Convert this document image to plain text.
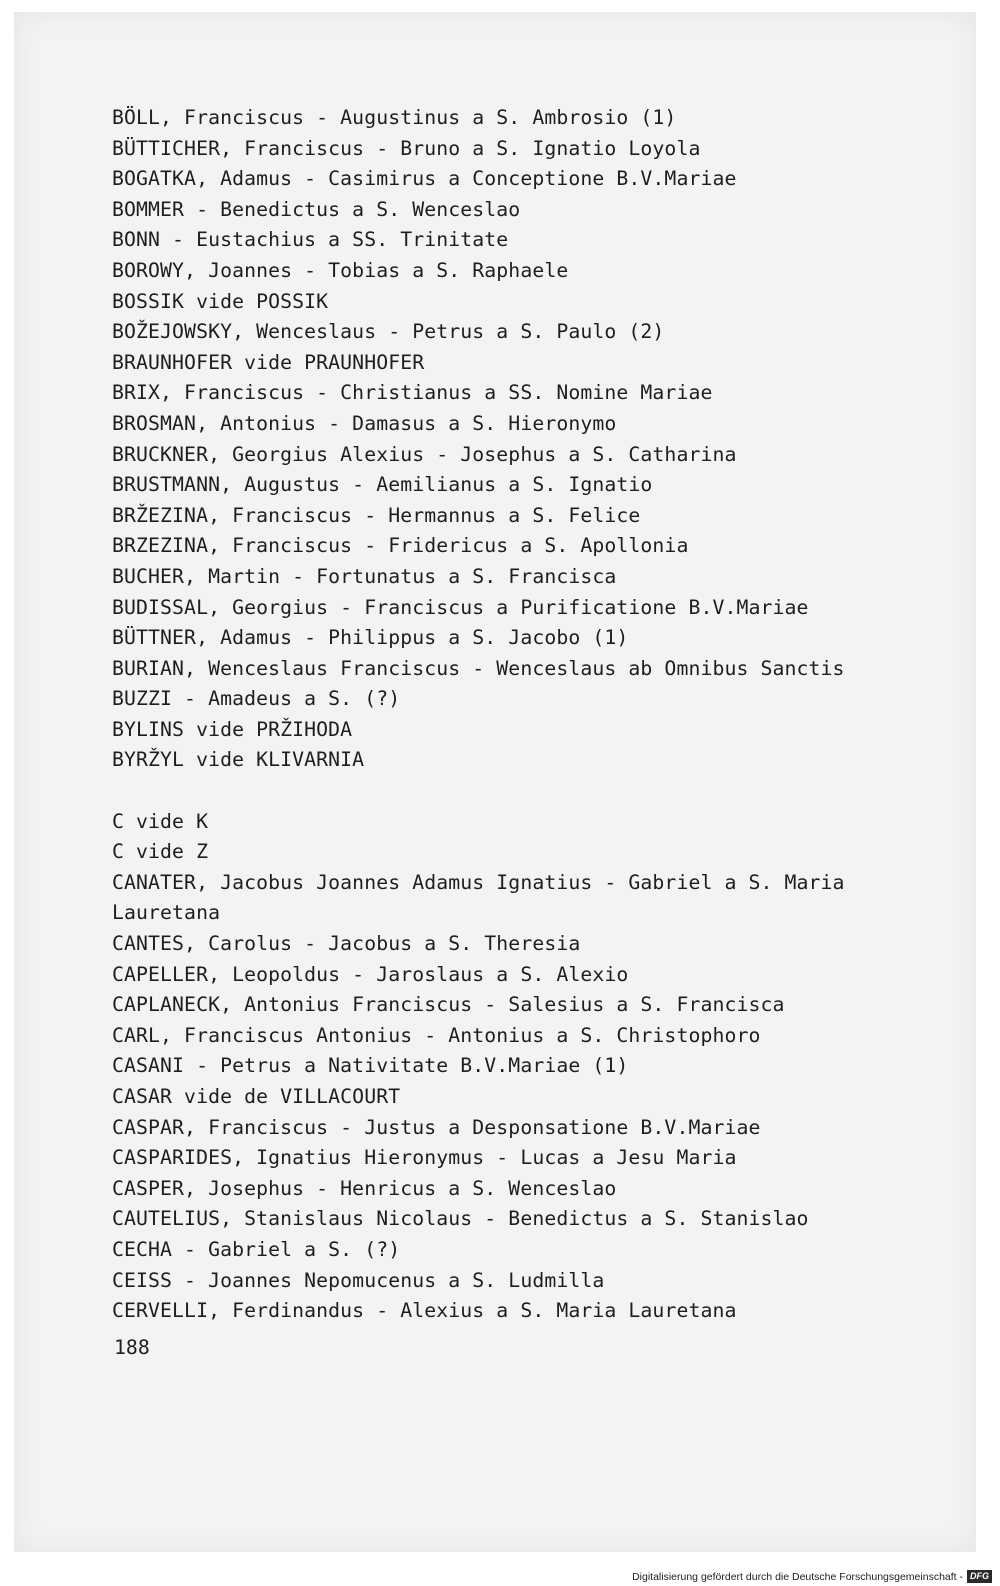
BÖLL, Franciscus - Augustinus a S. Ambrosio (1)
BÜTTICHER, Franciscus - Bruno a S. Ignatio Loyola
BOGATKA, Adamus - Casimirus a Conceptione B.V.Mariae
BOMMER - Benedictus a S. Wenceslao
BONN - Eustachius a SS. Trinitate
BOROWY, Joannes - Tobias a S. Raphaele
BOSSIK vide POSSIK
BOŽEJOWSKY, Wenceslaus - Petrus a S. Paulo (2)
BRAUNHOFER vide PRAUNHOFER
BRIX, Franciscus - Christianus a SS. Nomine Mariae
BROSMAN, Antonius - Damasus a S. Hieronymo
BRUCKNER, Georgius Alexius - Josephus a S. Catharina
BRUSTMANN, Augustus - Aemilianus a S. Ignatio
BRŽEZINA, Franciscus - Hermannus a S. Felice
BRZEZINA, Franciscus - Fridericus a S. Apollonia
BUCHER, Martin - Fortunatus a S. Francisca
BUDISSAL, Georgius - Franciscus a Purificatione B.V.Mariae
BÜTTNER, Adamus - Philippus a S. Jacobo (1)
BURIAN, Wenceslaus Franciscus - Wenceslaus ab Omnibus Sanctis
BUZZI - Amadeus a S. (?)
BYLINS vide PRŽIHODA
BYRŽYL vide KLIVARNIA
C vide K
C vide Z
CANATER, Jacobus Joannes Adamus Ignatius - Gabriel a S. Maria
Lauretana
CANTES, Carolus - Jacobus a S. Theresia
CAPELLER, Leopoldus - Jaroslaus a S. Alexio
CAPLANECK, Antonius Franciscus - Salesius a S. Francisca
CARL, Franciscus Antonius - Antonius a S. Christophoro
CASANI - Petrus a Nativitate B.V.Mariae (1)
CASAR vide de VILLACOURT
CASPAR, Franciscus - Justus a Desponsatione B.V.Mariae
CASPARIDES, Ignatius Hieronymus - Lucas a Jesu Maria
CASPER, Josephus - Henricus a S. Wenceslao
CAUTELIUS, Stanislaus Nicolaus - Benedictus a S. Stanislao
CECHA - Gabriel a S. (?)
CEISS - Joannes Nepomucenus a S. Ludmilla
CERVELLI, Ferdinandus - Alexius a S. Maria Lauretana
188
Digitalisierung gefördert durch die Deutsche Forschungsgemeinschaft - DFG
